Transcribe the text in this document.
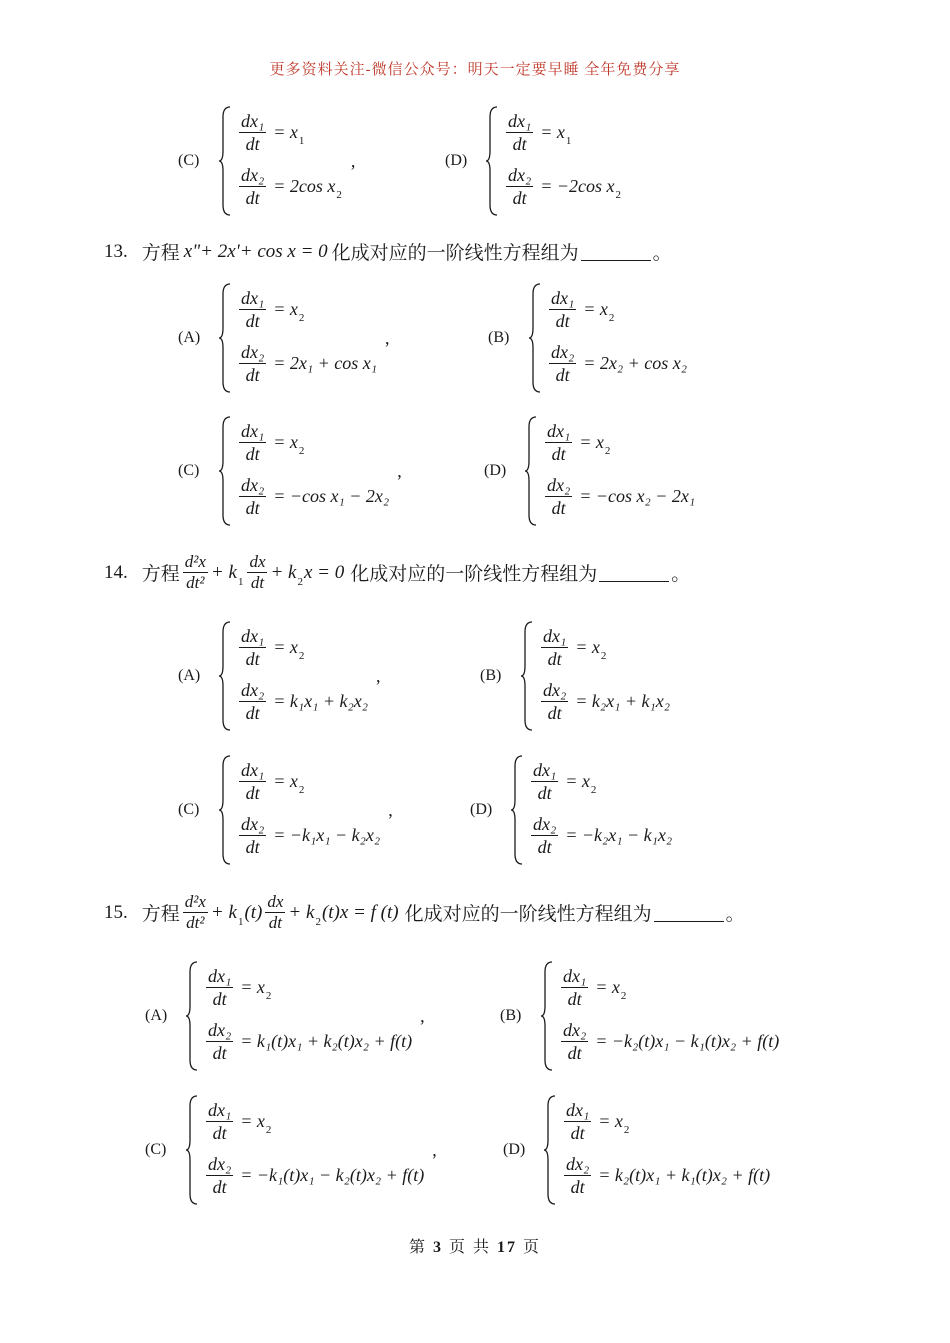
更多资料关注-微信公众号：明天一定要早睡 全年免费分享
(C)
$\frac{\text{dx₁}}{dt} = x$ 1
$\frac{\text{dx₂}}{dt} = 2\cos$ x 2
,	(D)
$\frac{\text{dx₁}}{dt} = x$ 1
$\frac{\text{dx₂}}{dt} = -2\cos$ x 2
13. 方程 x"+ 2x'+ cos x = 0 化成对应的一阶线性方程组为	。
14. 方程 $\frac{\text{d²x}}{\text{dt²}} + k$ $1 \frac{dx}{dt} + k$ 2 x = 0 化成对应的一阶线性方程组为	。
15. 方程 $\frac{\text{d²x}}{\text{dt²}} + k$ 1 $(t) \frac{dx}{dt} + k$ 2 (t)x = f (t) 化成对应的一阶线性方程组为	。
(A)
$\frac{\text{dx₁}}{dt} = x$ 2
$\frac{\text{dx₂}}{dt} = 2x_1 + \cos x_1$
,	(B)
$\frac{\text{dx₁}}{dt} = x$ 2
$\frac{\text{dx₂}}{dt} = 2x_2 + \cos x_2$
(C)
$\frac{\text{dx₁}}{dt} = x$ 2
$\frac{\text{dx₂}}{dt} = -\cos$ x₁ − 2x₂
,	(D)
$\frac{\text{dx₁}}{dt} = x$ 2
$\frac{\text{dx₂}}{dt} = -\cos$ x₂ − 2x₁
(A)
$\frac{\text{dx₁}}{dt} = x$ 2
$\frac{\text{dx₂}}{dt} = k_1x_1 + k_2x_2$
,	(B)
$\frac{\text{dx₁}}{dt} = x$ 2
$\frac{\text{dx₂}}{dt} = k_2x_1 + k_1x_2$
(C)
$\frac{\text{dx₁}}{dt} = x$ 2
$\frac{\text{dx₂}}{dt} = -k_1x_1 - k_2x_2$
,	(D)
$\frac{\text{dx₁}}{dt} = x$ 2
$\frac{\text{dx₂}}{dt} = -k_2x_1 - k_1x_2$
(A)
$\frac{\text{dx₁}}{dt} = x$ 2
$\frac{\text{dx₂}}{dt} = k_1(t)x_1 + k_2(t)x_2 + f(t)$
,	(B)
$\frac{\text{dx₁}}{dt} = x$ 2
$\frac{\text{dx₂}}{dt} = -k_2(t)x_1 - k_1(t)x_2 + f(t)$
(C)
$\frac{\text{dx₁}}{dt} = x$ 2
$\frac{\text{dx₂}}{dt} = -k_1(t)x_1 - k_2(t)x_2 + f(t)$
,	(D)
$\frac{\text{dx₁}}{dt} = x$ 2
$\frac{\text{dx₂}}{dt} = k_2(t)x_1 + k_1(t)x_2 + f(t)$
第 3 页 共 17 页
